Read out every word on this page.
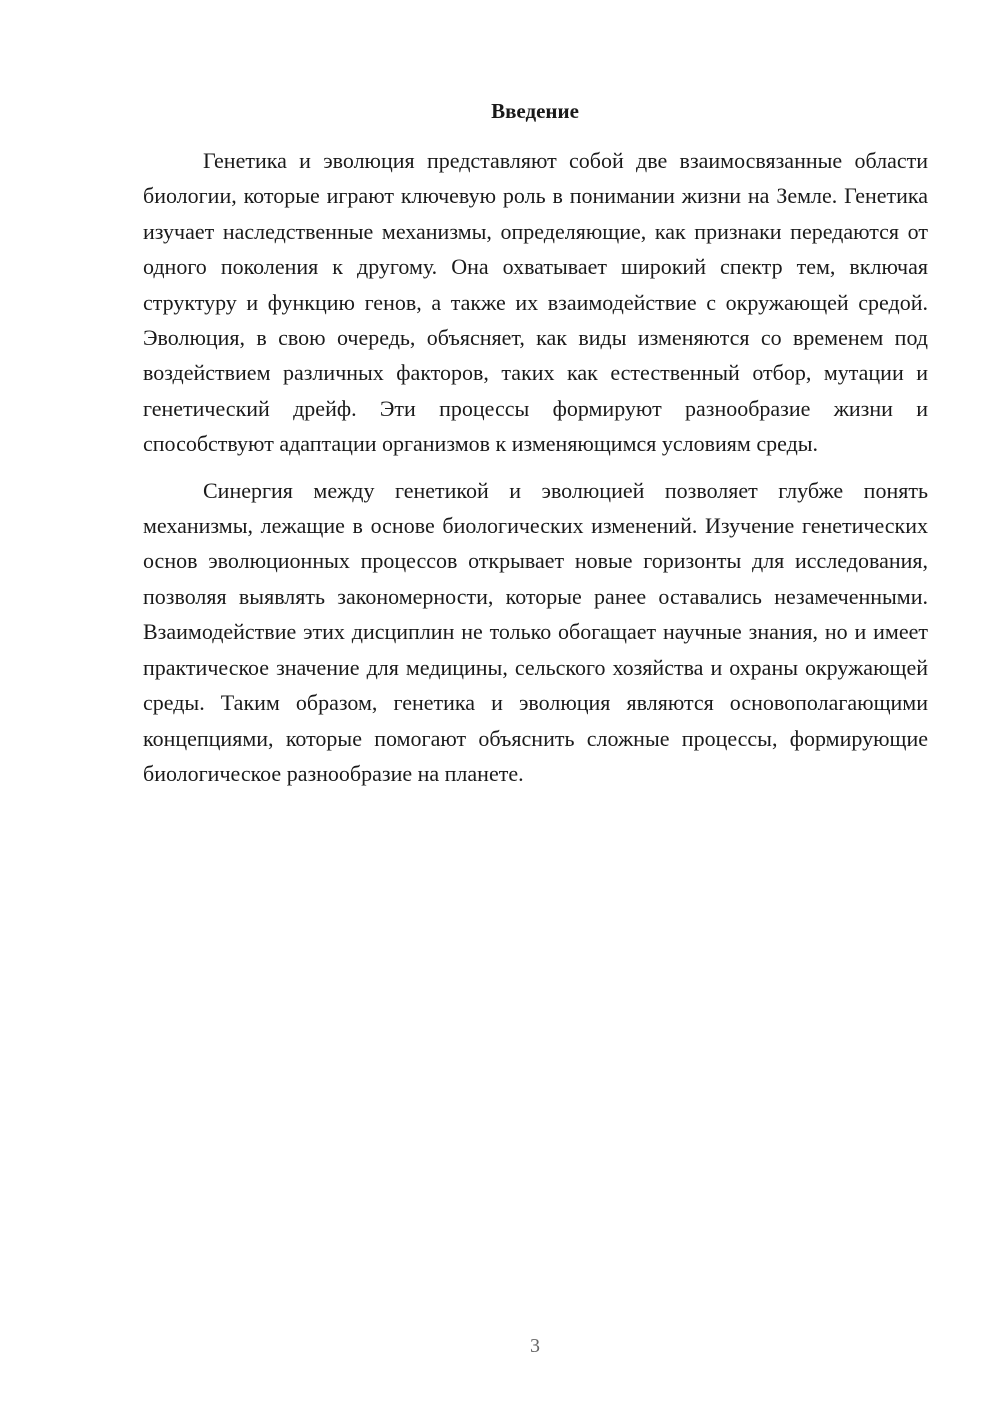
Введение

Генетика и эволюция представляют собой две взаимосвязанные области биологии, которые играют ключевую роль в понимании жизни на Земле. Генетика изучает наследственные механизмы, определяющие, как признаки передаются от одного поколения к другому. Она охватывает широкий спектр тем, включая структуру и функцию генов, а также их взаимодействие с окружающей средой. Эволюция, в свою очередь, объясняет, как виды изменяются со временем под воздействием различных факторов, таких как естественный отбор, мутации и генетический дрейф. Эти процессы формируют разнообразие жизни и способствуют адаптации организмов к изменяющимся условиям среды.

Синергия между генетикой и эволюцией позволяет глубже понять механизмы, лежащие в основе биологических изменений. Изучение генетических основ эволюционных процессов открывает новые горизонты для исследования, позволяя выявлять закономерности, которые ранее оставались незамеченными. Взаимодействие этих дисциплин не только обогащает научные знания, но и имеет практическое значение для медицины, сельского хозяйства и охраны окружающей среды. Таким образом, генетика и эволюция являются основополагающими концепциями, которые помогают объяснить сложные процессы, формирующие биологическое разнообразие на планете.

3
